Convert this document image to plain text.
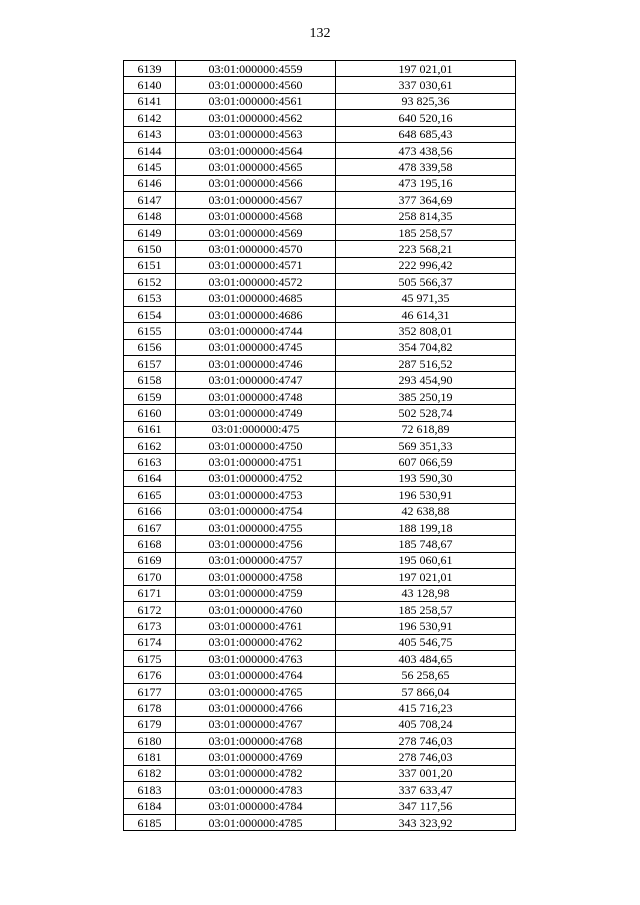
132
6139	03:01:000000:4559	197 021,01
6140	03:01:000000:4560	337 030,61
6141	03:01:000000:4561	93 825,36
6142	03:01:000000:4562	640 520,16
6143	03:01:000000:4563	648 685,43
6144	03:01:000000:4564	473 438,56
6145	03:01:000000:4565	478 339,58
6146	03:01:000000:4566	473 195,16
6147	03:01:000000:4567	377 364,69
6148	03:01:000000:4568	258 814,35
6149	03:01:000000:4569	185 258,57
6150	03:01:000000:4570	223 568,21
6151	03:01:000000:4571	222 996,42
6152	03:01:000000:4572	505 566,37
6153	03:01:000000:4685	45 971,35
6154	03:01:000000:4686	46 614,31
6155	03:01:000000:4744	352 808,01
6156	03:01:000000:4745	354 704,82
6157	03:01:000000:4746	287 516,52
6158	03:01:000000:4747	293 454,90
6159	03:01:000000:4748	385 250,19
6160	03:01:000000:4749	502 528,74
6161	03:01:000000:475	72 618,89
6162	03:01:000000:4750	569 351,33
6163	03:01:000000:4751	607 066,59
6164	03:01:000000:4752	193 590,30
6165	03:01:000000:4753	196 530,91
6166	03:01:000000:4754	42 638,88
6167	03:01:000000:4755	188 199,18
6168	03:01:000000:4756	185 748,67
6169	03:01:000000:4757	195 060,61
6170	03:01:000000:4758	197 021,01
6171	03:01:000000:4759	43 128,98
6172	03:01:000000:4760	185 258,57
6173	03:01:000000:4761	196 530,91
6174	03:01:000000:4762	405 546,75
6175	03:01:000000:4763	403 484,65
6176	03:01:000000:4764	56 258,65
6177	03:01:000000:4765	57 866,04
6178	03:01:000000:4766	415 716,23
6179	03:01:000000:4767	405 708,24
6180	03:01:000000:4768	278 746,03
6181	03:01:000000:4769	278 746,03
6182	03:01:000000:4782	337 001,20
6183	03:01:000000:4783	337 633,47
6184	03:01:000000:4784	347 117,56
6185	03:01:000000:4785	343 323,92
